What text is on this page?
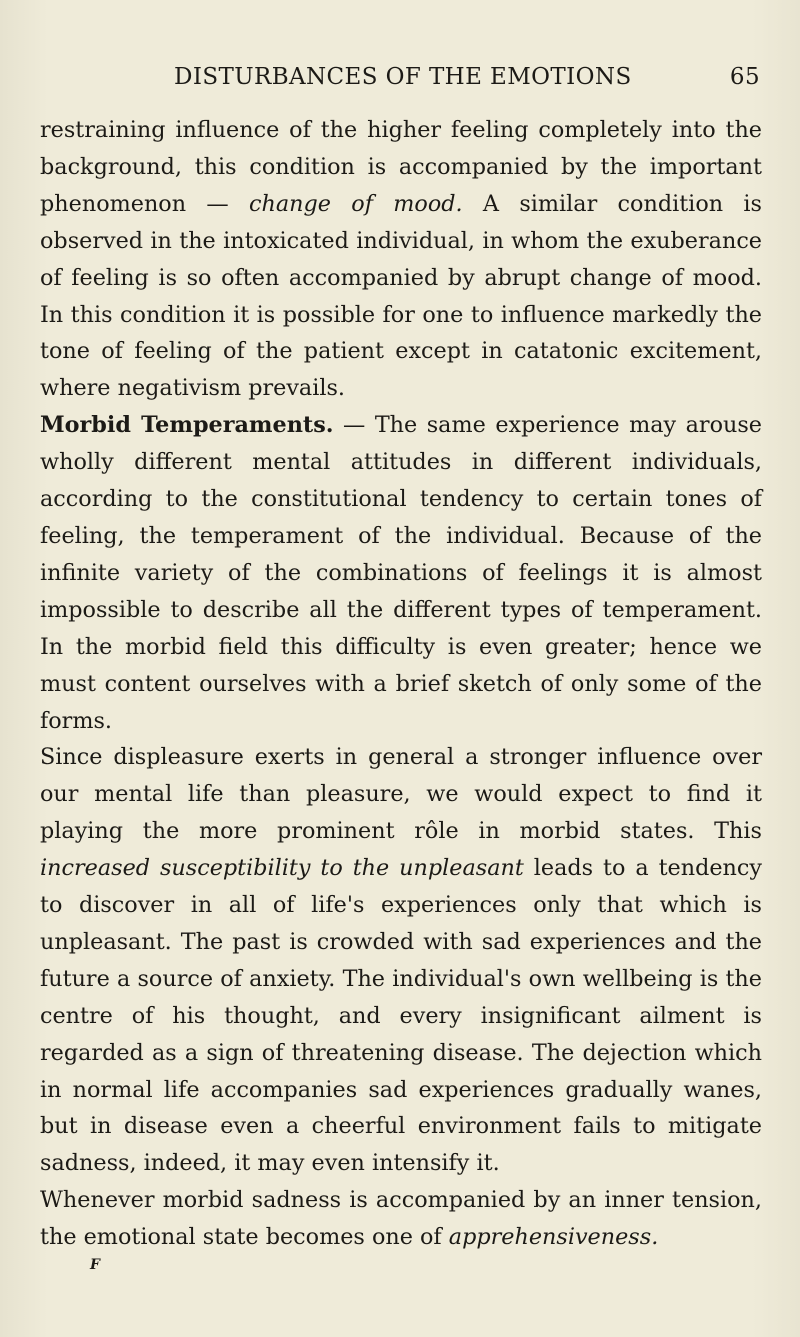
DISTURBANCES OF THE EMOTIONS	65

restraining influence of the higher feeling completely into the background, this condition is accompanied by the important phenomenon — change of mood. A similar condition is observed in the intoxicated individual, in whom the exuberance of feeling is so often accompanied by abrupt change of mood. In this condition it is possible for one to influence markedly the tone of feeling of the patient except in catatonic excitement, where negativism prevails.

Morbid Temperaments. — The same experience may arouse wholly different mental attitudes in different individuals, according to the constitutional tendency to certain tones of feeling, the temperament of the individual. Because of the infinite variety of the combinations of feelings it is almost impossible to describe all the different types of temperament. In the morbid field this difficulty is even greater; hence we must content ourselves with a brief sketch of only some of the forms.

Since displeasure exerts in general a stronger influence over our mental life than pleasure, we would expect to find it playing the more prominent rôle in morbid states. This increased susceptibility to the unpleasant leads to a tendency to discover in all of life's experiences only that which is unpleasant. The past is crowded with sad experiences and the future a source of anxiety. The individual's own wellbeing is the centre of his thought, and every insignificant ailment is regarded as a sign of threatening disease. The dejection which in normal life accompanies sad experiences gradually wanes, but in disease even a cheerful environment fails to mitigate sadness, indeed, it may even intensify it.

Whenever morbid sadness is accompanied by an inner tension, the emotional state becomes one of apprehensiveness.

F
